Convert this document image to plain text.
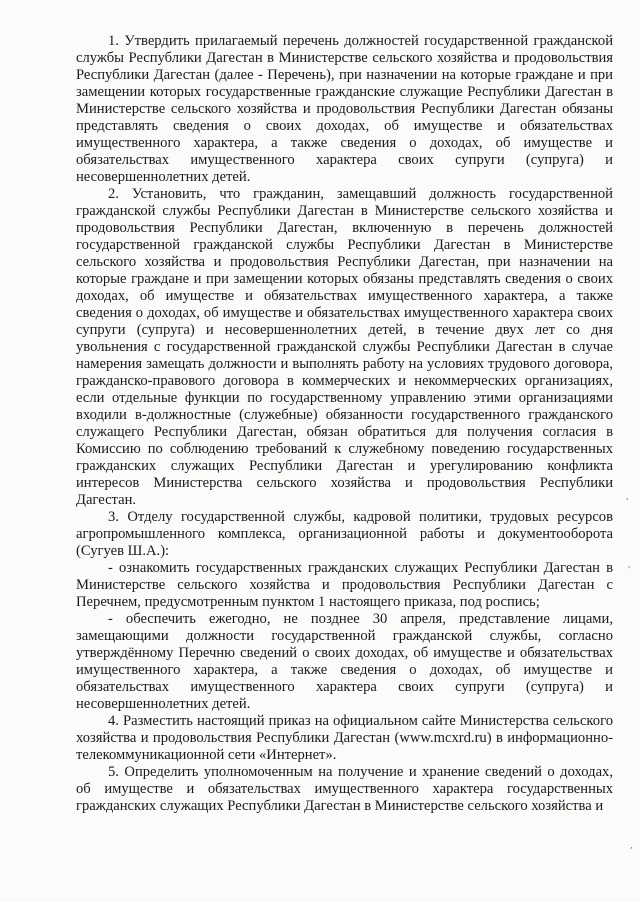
1. Утвердить прилагаемый перечень должностей государственной гражданской службы Республики Дагестан в Министерстве сельского хозяйства и продовольствия Республики Дагестан (далее - Перечень), при назначении на которые граждане и при замещении которых государственные гражданские служащие Республики Дагестан в Министерстве сельского хозяйства и продовольствия Республики Дагестан обязаны представлять сведения о своих доходах, об имуществе и обязательствах имущественного характера, а также сведения о доходах, об имуществе и обязательствах имущественного характера своих супруги (супруга) и несовершеннолетних детей.

2. Установить, что гражданин, замещавший должность государственной гражданской службы Республики Дагестан в Министерстве сельского хозяйства и продовольствия Республики Дагестан, включенную в перечень должностей государственной гражданской службы Республики Дагестан в Министерстве сельского хозяйства и продовольствия Республики Дагестан, при назначении на которые граждане и при замещении которых обязаны представлять сведения о своих доходах, об имуществе и обязательствах имущественного характера, а также сведения о доходах, об имуществе и обязательствах имущественного характера своих супруги (супруга) и несовершеннолетних детей, в течение двух лет со дня увольнения с государственной гражданской службы Республики Дагестан в случае намерения замещать должности и выполнять работу на условиях трудового договора, гражданско-правового договора в коммерческих и некоммерческих организациях, если отдельные функции по государственному управлению этими организациями входили в-должностные (служебные) обязанности государственного гражданского служащего Республики Дагестан, обязан обратиться для получения согласия в Комиссию по соблюдению требований к служебному поведению государственных гражданских служащих Республики Дагестан и урегулированию конфликта интересов Министерства сельского хозяйства и продовольствия Республики Дагестан.

3. Отделу государственной службы, кадровой политики, трудовых ресурсов агропромышленного комплекса, организационной работы и документооборота (Сугуев Ш.А.):

- ознакомить государственных гражданских служащих Республики Дагестан в Министерстве сельского хозяйства и продовольствия Республики Дагестан с Перечнем, предусмотренным пунктом 1 настоящего приказа, под роспись;

- обеспечить ежегодно, не позднее 30 апреля, представление лицами, замещающими должности государственной гражданской службы, согласно утверждённому Перечню сведений о своих доходах, об имуществе и обязательствах имущественного характера, а также сведения о доходах, об имуществе и обязательствах имущественного характера своих супруги (супруга) и несовершеннолетних детей.

4. Разместить настоящий приказ на официальном сайте Министерства сельского хозяйства и продовольствия Республики Дагестан (www.mcxrd.ru) в информационно-телекоммуникационной сети «Интернет».

5. Определить уполномоченным на получение и хранение сведений о доходах, об имуществе и обязательствах имущественного характера государственных гражданских служащих Республики Дагестан в Министерстве сельского хозяйства и

,
'
,
